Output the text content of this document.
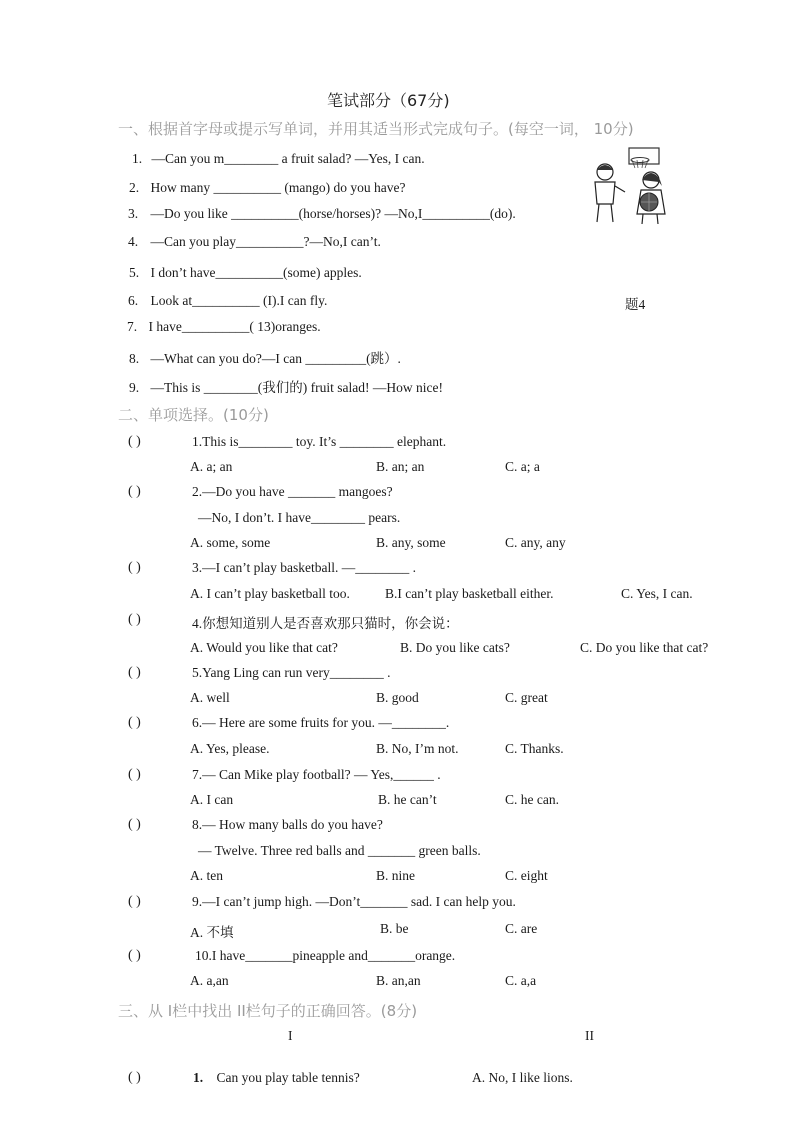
笔试部分（67分)
一、根据首字母或提示写单词，并用其适当形式完成句子。(每空一词， 10分)
1. —Can you m________ a fruit salad? —Yes, I can.
2. How many __________ (mango) do you have?
3. —Do you like __________(horse/horses)? —No,I__________(do).
4. —Can you play__________?—No,I can’t.
5. I don’t have__________(some) apples.
6. Look at__________ (I).I can fly.
7. I have__________( 13)oranges.
8. —What can you do?—I can _________(跳）.
9. —This is ________(我们的) fruit salad! —How nice!
题4
二、单项选择。(10分)
( )	1.This is________ toy. It’s ________ elephant.
A. a; an	B. an; an	C. a; a
( )	2.—Do you have _______ mangoes?
—No, I don’t. I have________ pears.
A. some, some	B. any, some	C. any, any
( )	3.—I can’t play basketball. —________ .
A. I can’t play basketball too.	B.I can’t play basketball either.	C. Yes, I can.
( )	4.你想知道别人是否喜欢那只猫时，你会说：
A. Would you like that cat?	B. Do you like cats?	C. Do you like that cat?
( )	5.Yang Ling can run very________ .
A. well	B. good	C. great
( )	6.— Here are some fruits for you. —________.
A. Yes, please.	B. No, I’m not.	C. Thanks.
( )	7.— Can Mike play football? — Yes,______ .
A. I can	B. he can’t	C. he can.
( )	8.— How many balls do you have?
— Twelve. Three red balls and _______ green balls.
A. ten	B. nine	C. eight
( )	9.—I can’t jump high. —Don’t_______ sad. I can help you.
A. 不填	B. be	C. are
( )	10.I have_______pineapple and_______orange.
A. a,an	B. an,an	C. a,a
三、从 I栏中找出 II栏句子的正确回答。(8分)
I	II
( )	1. Can you play table tennis?	A. No, I like lions.
